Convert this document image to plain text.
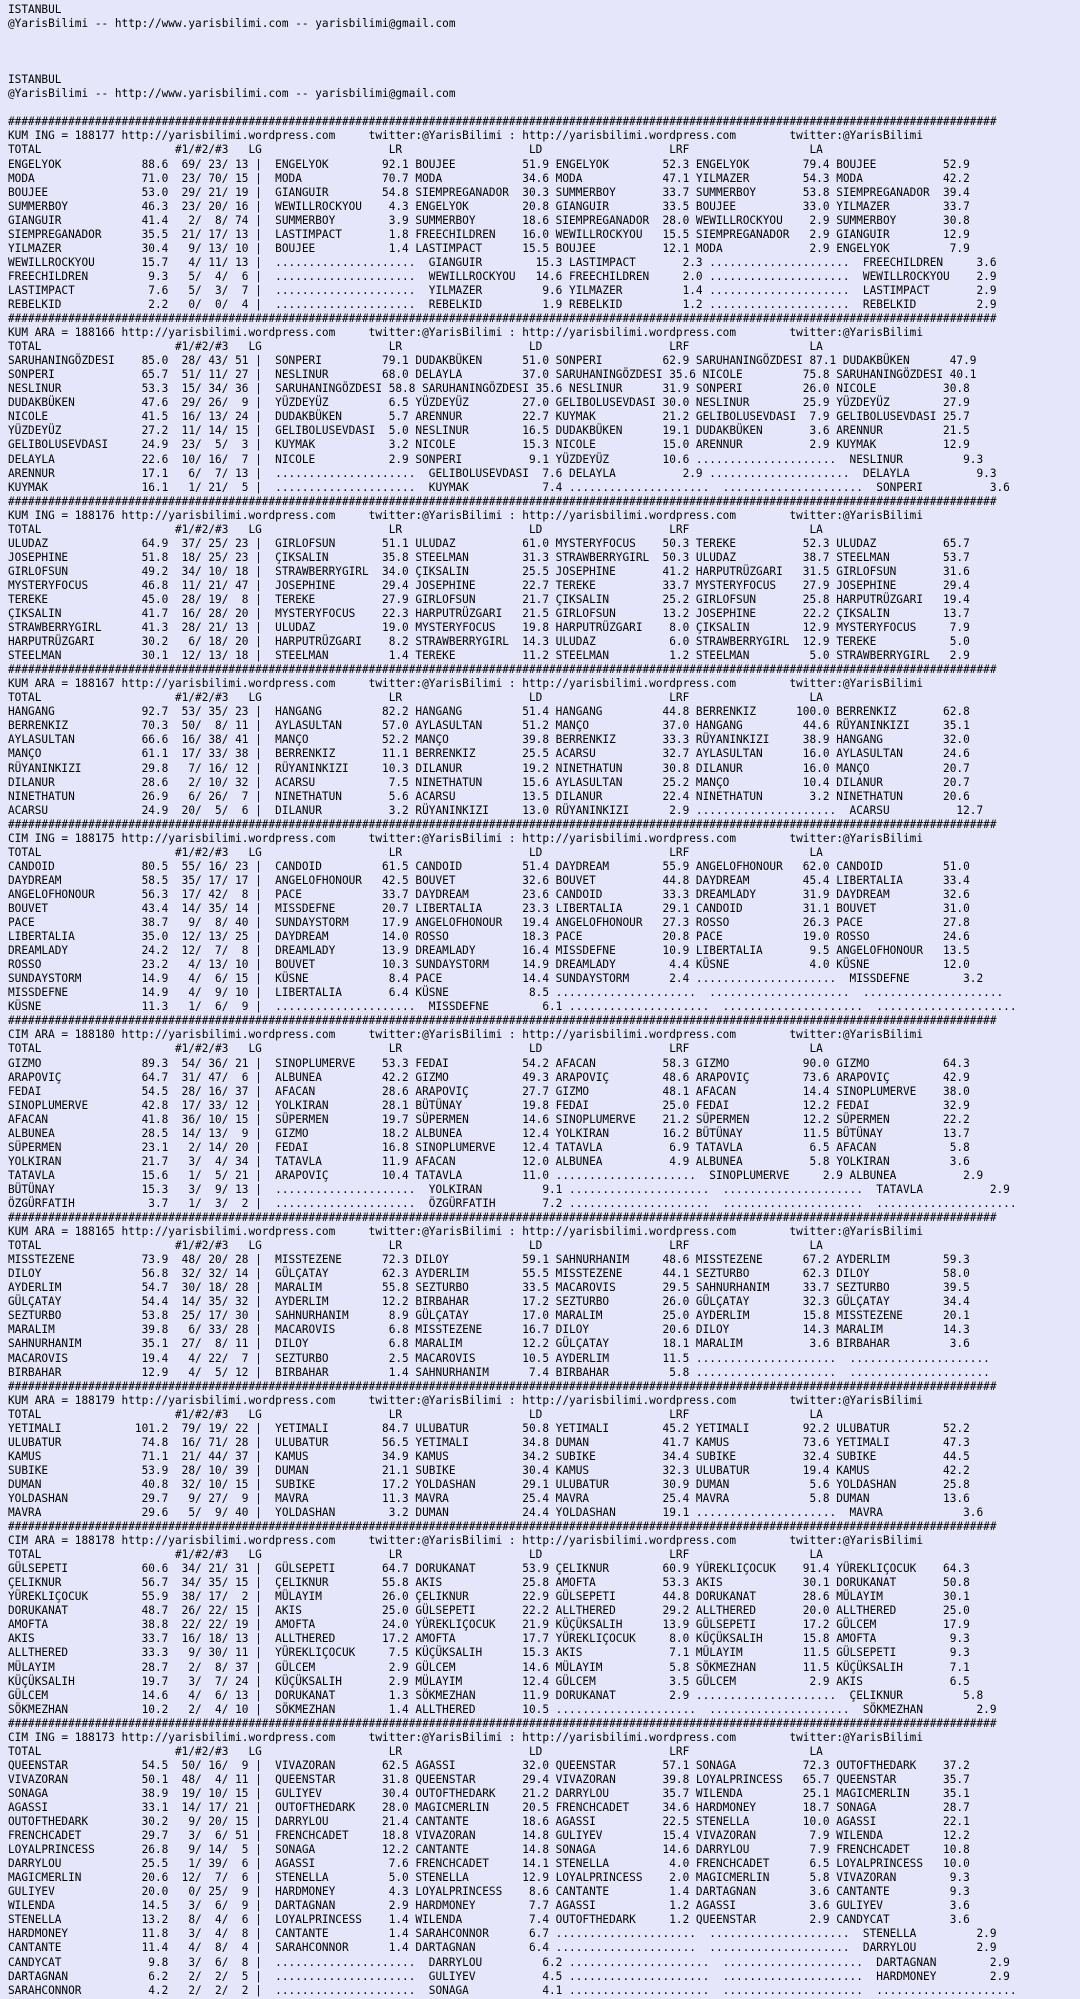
ISTANBUL
@YarisBilimi -- http://www.yarisbilimi.com -- yarisbilimi@gmail.com

ISTANBUL
@YarisBilimi -- http://www.yarisbilimi.com -- yarisbilimi@gmail.com

####################################################################################################################################################
KUM ING = 188177 http://yarisbilimi.wordpress.com     twitter:@YarisBilimi : http://yarisbilimi.wordpress.com        twitter:@YarisBilimi
TOTAL                    #1/#2/#3   LG                   LR                   LD                   LRF                  LA
ENGELYOK            88.6  69/ 23/ 13 |  ENGELYOK        92.1 BOUJEE          51.9 ENGELYOK        52.3 ENGELYOK        79.4 BOUJEE          52.9
MODA                71.0  23/ 70/ 15 |  MODA            70.7 MODA            34.6 MODA            47.1 YILMAZER        54.3 MODA            42.2
BOUJEE              53.0  29/ 21/ 19 |  GIANGUIR        54.8 SIEMPREGANADOR  30.3 SUMMERBOY       33.7 SUMMERBOY       53.8 SIEMPREGANADOR  39.4
SUMMERBOY           46.3  23/ 20/ 16 |  WEWILLROCKYOU    4.3 ENGELYOK        20.8 GIANGUIR        33.5 BOUJEE          33.0 YILMAZER        33.7
GIANGUIR            41.4   2/  8/ 74 |  SUMMERBOY        3.9 SUMMERBOY       18.6 SIEMPREGANADOR  28.0 WEWILLROCKYOU    2.9 SUMMERBOY       30.8
SIEMPREGANADOR      35.5  21/ 17/ 13 |  LASTIMPACT       1.8 FREECHILDREN    16.0 WEWILLROCKYOU   15.5 SIEMPREGANADOR   2.9 GIANGUIR        12.9
YILMAZER            30.4   9/ 13/ 10 |  BOUJEE           1.4 LASTIMPACT      15.5 BOUJEE          12.1 MODA             2.9 ENGELYOK         7.9
WEWILLROCKYOU       15.7   4/ 11/ 13 |  .....................  GIANGUIR        15.3 LASTIMPACT       2.3 .....................  FREECHILDREN     3.6
FREECHILDREN         9.3   5/  4/  6 |  .....................  WEWILLROCKYOU   14.6 FREECHILDREN     2.0 .....................  WEWILLROCKYOU    2.9
LASTIMPACT           7.6   5/  3/  7 |  .....................  YILMAZER         9.6 YILMAZER         1.4 .....................  LASTIMPACT       2.9
REBELKID             2.2   0/  0/  4 |  .....................  REBELKID         1.9 REBELKID         1.2 .....................  REBELKID         2.9
####################################################################################################################################################
KUM ARA = 188166 http://yarisbilimi.wordpress.com     twitter:@YarisBilimi : http://yarisbilimi.wordpress.com        twitter:@YarisBilimi
TOTAL                    #1/#2/#3   LG                   LR                   LD                   LRF                  LA
SARUHANINGÖZDESI    85.0  28/ 43/ 51 |  SONPERI         79.1 DUDAKBÜKEN      51.0 SONPERI         62.9 SARUHANINGÖZDESI 87.1 DUDAKBÜKEN      47.9
SONPERI             65.7  51/ 11/ 27 |  NESLINUR        68.0 DELAYLA         37.0 SARUHANINGÖZDESI 35.6 NICOLE         75.8 SARUHANINGÖZDESI 40.1
NESLINUR            53.3  15/ 34/ 36 |  SARUHANINGÖZDESI 58.8 SARUHANINGÖZDESI 35.6 NESLINUR      31.9 SONPERI         26.0 NICOLE          30.8
DUDAKBÜKEN          47.6  29/ 26/  9 |  YÜZDEYÜZ         6.5 YÜZDEYÜZ        27.0 GELIBOLUSEVDASI 30.0 NESLINUR        25.9 YÜZDEYÜZ        27.9
NICOLE              41.5  16/ 13/ 24 |  DUDAKBÜKEN       5.7 ARENNUR         22.7 KUYMAK          21.2 GELIBOLUSEVDASI  7.9 GELIBOLUSEVDASI 25.7
YÜZDEYÜZ            27.2  11/ 14/ 15 |  GELIBOLUSEVDASI  5.0 NESLINUR        16.5 DUDAKBÜKEN      19.1 DUDAKBÜKEN       3.6 ARENNUR         21.5
GELIBOLUSEVDASI     24.9  23/  5/  3 |  KUYMAK           3.2 NICOLE          15.3 NICOLE          15.0 ARENNUR          2.9 KUYMAK          12.9
DELAYLA             22.6  10/ 16/  7 |  NICOLE           2.9 SONPERI          9.1 YÜZDEYÜZ        10.6 .....................  NESLINUR         9.3
ARENNUR             17.1   6/  7/ 13 |  .....................  GELIBOLUSEVDASI  7.6 DELAYLA          2.9 .....................  DELAYLA          9.3
KUYMAK              16.1   1/ 21/  5 |  .....................  KUYMAK           7.4 .....................  .....................  SONPERI          3.6
####################################################################################################################################################
KUM ING = 188176 http://yarisbilimi.wordpress.com     twitter:@YarisBilimi : http://yarisbilimi.wordpress.com        twitter:@YarisBilimi
TOTAL                    #1/#2/#3   LG                   LR                   LD                   LRF                  LA
ULUDAZ              64.9  37/ 25/ 23 |  GIRLOFSUN       51.1 ULUDAZ          61.0 MYSTERYFOCUS    50.3 TEREKE          52.3 ULUDAZ          65.7
JOSEPHINE           51.8  18/ 25/ 23 |  ÇIKSALIN        35.8 STEELMAN        31.3 STRAWBERRYGIRL  50.3 ULUDAZ          38.7 STEELMAN        53.7
GIRLOFSUN           49.2  34/ 10/ 18 |  STRAWBERRYGIRL  34.0 ÇIKSALIN        25.5 JOSEPHINE       41.2 HARPUTRÜZGARI   31.5 GIRLOFSUN       31.6
MYSTERYFOCUS        46.8  11/ 21/ 47 |  JOSEPHINE       29.4 JOSEPHINE       22.7 TEREKE          33.7 MYSTERYFOCUS    27.9 JOSEPHINE       29.4
TEREKE              45.0  28/ 19/  8 |  TEREKE          27.9 GIRLOFSUN       21.7 ÇIKSALIN        25.2 GIRLOFSUN       25.8 HARPUTRÜZGARI   19.4
ÇIKSALIN            41.7  16/ 28/ 20 |  MYSTERYFOCUS    22.3 HARPUTRÜZGARI   21.5 GIRLOFSUN       13.2 JOSEPHINE       22.2 ÇIKSALIN        13.7
STRAWBERRYGIRL      41.3  28/ 21/ 13 |  ULUDAZ          19.0 MYSTERYFOCUS    19.8 HARPUTRÜZGARI    8.0 ÇIKSALIN        12.9 MYSTERYFOCUS     7.9
HARPUTRÜZGARI       30.2   6/ 18/ 20 |  HARPUTRÜZGARI    8.2 STRAWBERRYGIRL  14.3 ULUDAZ           6.0 STRAWBERRYGIRL  12.9 TEREKE           5.0
STEELMAN            30.1  12/ 13/ 18 |  STEELMAN         1.4 TEREKE          11.2 STEELMAN         1.2 STEELMAN         5.0 STRAWBERRYGIRL   2.9
####################################################################################################################################################
KUM ARA = 188167 http://yarisbilimi.wordpress.com     twitter:@YarisBilimi : http://yarisbilimi.wordpress.com        twitter:@YarisBilimi
TOTAL                    #1/#2/#3   LG                   LR                   LD                   LRF                  LA
HANGANG             92.7  53/ 35/ 23 |  HANGANG         82.2 HANGANG         51.4 HANGANG         44.8 BERRENKIZ      100.0 BERRENKIZ       62.8
BERRENKIZ           70.3  50/  8/ 11 |  AYLASULTAN      57.0 AYLASULTAN      51.2 MANÇO           37.0 HANGANG         44.6 RÜYANINKIZI     35.1
AYLASULTAN          66.6  16/ 38/ 41 |  MANÇO           52.2 MANÇO           39.8 BERRENKIZ       33.3 RÜYANINKIZI     38.9 HANGANG         32.0
MANÇO               61.1  17/ 33/ 38 |  BERRENKIZ       11.1 BERRENKIZ       25.5 ACARSU          32.7 AYLASULTAN      16.0 AYLASULTAN      24.6
RÜYANINKIZI         29.8   7/ 16/ 12 |  RÜYANINKIZI     10.3 DILANUR         19.2 NINETHATUN      30.8 DILANUR         16.0 MANÇO           20.7
DILANUR             28.6   2/ 10/ 32 |  ACARSU           7.5 NINETHATUN      15.6 AYLASULTAN      25.2 MANÇO           10.4 DILANUR         20.7
NINETHATUN          26.9   6/ 26/  7 |  NINETHATUN       5.6 ACARSU          13.5 DILANUR         22.4 NINETHATUN       3.2 NINETHATUN      20.6
ACARSU              24.9  20/  5/  6 |  DILANUR          3.2 RÜYANINKIZI     13.0 RÜYANINKIZI      2.9 .....................  ACARSU          12.7
####################################################################################################################################################
CIM ING = 188175 http://yarisbilimi.wordpress.com     twitter:@YarisBilimi : http://yarisbilimi.wordpress.com        twitter:@YarisBilimi
TOTAL                    #1/#2/#3   LG                   LR                   LD                   LRF                  LA
CANDOID             80.5  55/ 16/ 23 |  CANDOID         61.5 CANDOID         51.4 DAYDREAM        55.9 ANGELOFHONOUR   62.0 CANDOID         51.0
DAYDREAM            58.5  35/ 17/ 17 |  ANGELOFHONOUR   42.5 BOUVET          32.6 BOUVET          44.8 DAYDREAM        45.4 LIBERTALIA      33.4
ANGELOFHONOUR       56.3  17/ 42/  8 |  PACE            33.7 DAYDREAM        23.6 CANDOID         33.3 DREAMLADY       31.9 DAYDREAM        32.6
BOUVET              43.4  14/ 35/ 14 |  MISSDEFNE       20.7 LIBERTALIA      23.3 LIBERTALIA      29.1 CANDOID         31.1 BOUVET          31.0
PACE                38.7   9/  8/ 40 |  SUNDAYSTORM     17.9 ANGELOFHONOUR   19.4 ANGELOFHONOUR   27.3 ROSSO           26.3 PACE            27.8
LIBERTALIA          35.0  12/ 13/ 25 |  DAYDREAM        14.0 ROSSO           18.3 PACE            20.8 PACE            19.0 ROSSO           24.6
DREAMLADY           24.2  12/  7/  8 |  DREAMLADY       13.9 DREAMLADY       16.4 MISSDEFNE       10.9 LIBERTALIA       9.5 ANGELOFHONOUR   13.5
ROSSO               23.2   4/ 13/ 10 |  BOUVET          10.3 SUNDAYSTORM     14.9 DREAMLADY        4.4 KÜSNE            4.0 KÜSNE           12.0
SUNDAYSTORM         14.9   4/  6/ 15 |  KÜSNE            8.4 PACE            14.4 SUNDAYSTORM      2.4 .....................  MISSDEFNE        3.2
MISSDEFNE           14.9   4/  9/ 10 |  LIBERTALIA       6.4 KÜSNE            8.5 .....................  .....................  .....................
KÜSNE               11.3   1/  6/  9 |  .....................  MISSDEFNE        6.1 .....................  .....................  .....................
####################################################################################################################################################
CIM ARA = 188180 http://yarisbilimi.wordpress.com     twitter:@YarisBilimi : http://yarisbilimi.wordpress.com        twitter:@YarisBilimi
TOTAL                    #1/#2/#3   LG                   LR                   LD                   LRF                  LA
GIZMO               89.3  54/ 36/ 21 |  SINOPLUMERVE    53.3 FEDAI           54.2 AFACAN          58.3 GIZMO           90.0 GIZMO           64.3
ARAPOVIÇ            64.7  31/ 47/  6 |  ALBUNEA         42.2 GIZMO           49.3 ARAPOVIÇ        48.6 ARAPOVIÇ        73.6 ARAPOVIÇ        42.9
FEDAI               54.5  28/ 16/ 37 |  AFACAN          28.6 ARAPOVIÇ        27.7 GIZMO           48.1 AFACAN          14.4 SINOPLUMERVE    38.0
SINOPLUMERVE        42.8  17/ 33/ 12 |  YOLKIRAN        28.1 BÜTÜNAY         19.8 FEDAI           25.0 FEDAI           12.2 FEDAI           32.9
AFACAN              41.8  36/ 10/ 15 |  SÜPERMEN        19.7 SÜPERMEN        14.6 SINOPLUMERVE    21.2 SÜPERMEN        12.2 SÜPERMEN        22.2
ALBUNEA             28.5  14/ 13/  9 |  GIZMO           18.2 ALBUNEA         12.4 YOLKIRAN        16.2 BÜTÜNAY         11.5 BÜTÜNAY         13.7
SÜPERMEN            23.1   2/ 14/ 20 |  FEDAI           16.8 SINOPLUMERVE    12.4 TATAVLA          6.9 TATAVLA          6.5 AFACAN           5.8
YOLKIRAN            21.7   3/  4/ 34 |  TATAVLA         11.9 AFACAN          12.0 ALBUNEA          4.9 ALBUNEA          5.8 YOLKIRAN         3.6
TATAVLA             15.6   1/  5/ 21 |  ARAPOVIÇ        10.4 TATAVLA         11.0 .....................  SINOPLUMERVE     2.9 ALBUNEA          2.9
BÜTÜNAY             15.3   3/  9/ 13 |  .....................  YOLKIRAN         9.1 .....................  .....................  TATAVLA          2.9
ÖZGÜRFATIH           3.7   1/  3/  2 |  .....................  ÖZGÜRFATIH       7.2 .....................  .....................  .....................
####################################################################################################################################################
KUM ARA = 188165 http://yarisbilimi.wordpress.com     twitter:@YarisBilimi : http://yarisbilimi.wordpress.com        twitter:@YarisBilimi
TOTAL                    #1/#2/#3   LG                   LR                   LD                   LRF                  LA
MISSTEZENE          73.9  48/ 20/ 28 |  MISSTEZENE      72.3 DILOY           59.1 SAHNURHANIM     48.6 MISSTEZENE      67.2 AYDERLIM        59.3
DILOY               56.8  32/ 32/ 14 |  GÜLÇATAY        62.3 AYDERLIM        55.5 MISSTEZENE      44.1 SEZTURBO        62.3 DILOY           58.0
AYDERLIM            54.7  30/ 18/ 28 |  MARALIM         55.8 SEZTURBO        33.5 MACAROVIS       29.5 SAHNURHANIM     33.7 SEZTURBO        39.5
GÜLÇATAY            54.4  14/ 35/ 32 |  AYDERLIM        12.2 BIRBAHAR        17.2 SEZTURBO        26.0 GÜLÇATAY        32.3 GÜLÇATAY        34.4
SEZTURBO            53.8  25/ 17/ 30 |  SAHNURHANIM      8.9 GÜLÇATAY        17.0 MARALIM         25.0 AYDERLIM        15.8 MISSTEZENE      20.1
MARALIM             39.8   6/ 33/ 28 |  MACAROVIS        6.8 MISSTEZENE      16.7 DILOY           20.6 DILOY           14.3 MARALIM         14.3
SAHNURHANIM         35.1  27/  8/ 11 |  DILOY            6.8 MARALIM         12.2 GÜLÇATAY        18.1 MARALIM          3.6 BIRBAHAR         3.6
MACAROVIS           19.4   4/ 22/  7 |  SEZTURBO         2.5 MACAROVIS       10.5 AYDERLIM        11.5 .....................  .....................
BIRBAHAR            12.9   4/  5/ 12 |  BIRBAHAR         1.4 SAHNURHANIM      7.4 BIRBAHAR         5.8 .....................  .....................
####################################################################################################################################################
KUM ARA = 188179 http://yarisbilimi.wordpress.com     twitter:@YarisBilimi : http://yarisbilimi.wordpress.com        twitter:@YarisBilimi
TOTAL                    #1/#2/#3   LG                   LR                   LD                   LRF                  LA
YETIMALI           101.2  79/ 19/ 22 |  YETIMALI        84.7 ULUBATUR        50.8 YETIMALI        45.2 YETIMALI        92.2 ULUBATUR        52.2
ULUBATUR            74.8  16/ 71/ 28 |  ULUBATUR        56.5 YETIMALI        34.8 DUMAN           41.7 KAMUS           73.6 YETIMALI        47.3
KAMUS               71.1  21/ 44/ 37 |  KAMUS           34.9 KAMUS           34.2 SUBIKE          34.4 SUBIKE          32.4 SUBIKE          44.5
SUBIKE              53.9  28/ 10/ 39 |  DUMAN           21.1 SUBIKE          30.4 KAMUS           32.3 ULUBATUR        19.4 KAMUS           42.2
DUMAN               40.8  32/ 10/ 15 |  SUBIKE          17.2 YOLDASHAN       29.1 ULUBATUR        30.9 DUMAN            5.6 YOLDASHAN       25.8
YOLDASHAN           29.7   9/ 27/  9 |  MAVRA           11.3 MAVRA           25.4 MAVRA           25.4 MAVRA            5.8 DUMAN           13.6
MAVRA               29.6   5/  9/ 40 |  YOLDASHAN        3.2 DUMAN           24.4 YOLDASHAN       19.1 .....................  MAVRA            3.6
####################################################################################################################################################
CIM ARA = 188178 http://yarisbilimi.wordpress.com     twitter:@YarisBilimi : http://yarisbilimi.wordpress.com        twitter:@YarisBilimi
TOTAL                    #1/#2/#3   LG                   LR                   LD                   LRF                  LA
GÜLSEPETI           60.6  34/ 21/ 31 |  GÜLSEPETI       64.7 DORUKANAT       53.9 ÇELIKNUR        60.9 YÜREKLIÇOCUK    91.4 YÜREKLIÇOCUK    64.3
ÇELIKNUR            56.7  34/ 35/ 15 |  ÇELIKNUR        55.8 AKIS            25.8 AMOFTA          53.3 AKIS            30.1 DORUKANAT       50.8
YÜREKLIÇOCUK        55.9  38/ 17/  2 |  MÜLAYIM         26.0 ÇELIKNUR        22.9 GÜLSEPETI       44.8 DORUKANAT       28.6 MÜLAYIM         30.1
DORUKANAT           48.7  26/ 22/ 15 |  AKIS            25.0 GÜLSEPETI       22.2 ALLTHERED       29.2 ALLTHERED       20.0 ALLTHERED       25.0
AMOFTA              38.8  22/ 22/ 19 |  AMOFTA          24.0 YÜREKLIÇOCUK    21.9 KÜÇÜKSALIH      13.9 GÜLSEPETI       17.2 GÜLCEM          17.9
AKIS                33.7  16/ 18/ 13 |  ALLTHERED       17.2 AMOFTA          17.7 YÜREKLIÇOCUK     8.0 KÜÇÜKSALIH      15.8 AMOFTA           9.3
ALLTHERED           33.3   9/ 30/ 11 |  YÜREKLIÇOCUK     7.5 KÜÇÜKSALIH      15.3 AKIS             7.1 MÜLAYIM         11.5 GÜLSEPETI        9.3
MÜLAYIM             28.7   2/  8/ 37 |  GÜLCEM           2.9 GÜLCEM          14.6 MÜLAYIM          5.8 SÖKMEZHAN       11.5 KÜÇÜKSALIH       7.1
KÜÇÜKSALIH          19.7   3/  7/ 24 |  KÜÇÜKSALIH       2.9 MÜLAYIM         12.4 GÜLCEM           3.5 GÜLCEM           2.9 AKIS             6.5
GÜLCEM              14.6   4/  6/ 13 |  DORUKANAT        1.3 SÖKMEZHAN       11.9 DORUKANAT        2.9 .....................  ÇELIKNUR         5.8
SÖKMEZHAN           10.2   2/  4/ 10 |  SÖKMEZHAN        1.4 ALLTHERED       10.5 .....................  .....................  SÖKMEZHAN        2.9
####################################################################################################################################################
CIM ING = 188173 http://yarisbilimi.wordpress.com     twitter:@YarisBilimi : http://yarisbilimi.wordpress.com        twitter:@YarisBilimi
TOTAL                    #1/#2/#3   LG                   LR                   LD                   LRF                  LA
QUEENSTAR           54.5  50/ 16/  9 |  VIVAZORAN       62.5 AGASSI          32.0 QUEENSTAR       57.1 SONAGA          72.3 OUTOFTHEDARK    37.2
VIVAZORAN           50.1  48/  4/ 11 |  QUEENSTAR       31.8 QUEENSTAR       29.4 VIVAZORAN       39.8 LOYALPRINCESS   65.7 QUEENSTAR       35.7
SONAGA              38.9  19/ 10/ 15 |  GULIYEV         30.4 OUTOFTHEDARK    21.2 DARRYLOU        35.7 WILENDA         25.1 MAGICMERLIN     35.1
AGASSI              33.1  14/ 17/ 21 |  OUTOFTHEDARK    28.0 MAGICMERLIN     20.5 FRENCHCADET     34.6 HARDMONEY       18.7 SONAGA          28.7
OUTOFTHEDARK        30.2   9/ 20/ 15 |  DARRYLOU        21.4 CANTANTE        18.6 AGASSI          22.5 STENELLA        10.0 AGASSI          22.1
FRENCHCADET         29.7   3/  6/ 51 |  FRENCHCADET     18.8 VIVAZORAN       14.8 GULIYEV         15.4 VIVAZORAN        7.9 WILENDA         12.2
LOYALPRINCESS       26.8   9/ 14/  5 |  SONAGA          12.2 CANTANTE        14.8 SONAGA          14.6 DARRYLOU         7.9 FRENCHCADET     10.8
DARRYLOU            25.5   1/ 39/  6 |  AGASSI           7.6 FRENCHCADET     14.1 STENELLA         4.0 FRENCHCADET      6.5 LOYALPRINCESS   10.0
MAGICMERLIN         20.6  12/  7/  6 |  STENELLA         5.0 STENELLA        12.9 LOYALPRINCESS    2.0 MAGICMERLIN      5.8 VIVAZORAN        9.3
GULIYEV             20.0   0/ 25/  9 |  HARDMONEY        4.3 LOYALPRINCESS    8.6 CANTANTE         1.4 DARTAGNAN        3.6 CANTANTE         9.3
WILENDA             14.5   3/  6/  9 |  DARTAGNAN        2.9 HARDMONEY        7.7 AGASSI           1.2 AGASSI           3.6 GULIYEV          3.6
STENELLA            13.2   8/  4/  6 |  LOYALPRINCESS    1.4 WILENDA          7.4 OUTOFTHEDARK     1.2 QUEENSTAR        2.9 CANDYCAT         3.6
HARDMONEY           11.8   3/  4/  8 |  CANTANTE         1.4 SARAHCONNOR      6.7 .....................  .....................  STENELLA         2.9
CANTANTE            11.4   4/  8/  4 |  SARAHCONNOR      1.4 DARTAGNAN        6.4 .....................  .....................  DARRYLOU         2.9
CANDYCAT             9.8   3/  6/  8 |  .....................  DARRYLOU         6.2 .....................  .....................  DARTAGNAN        2.9
DARTAGNAN            6.2   2/  2/  5 |  .....................  GULIYEV          4.5 .....................  .....................  HARDMONEY        2.9
SARAHCONNOR          4.2   2/  2/  2 |  .....................  SONAGA           4.1 .....................  .....................  .....................
